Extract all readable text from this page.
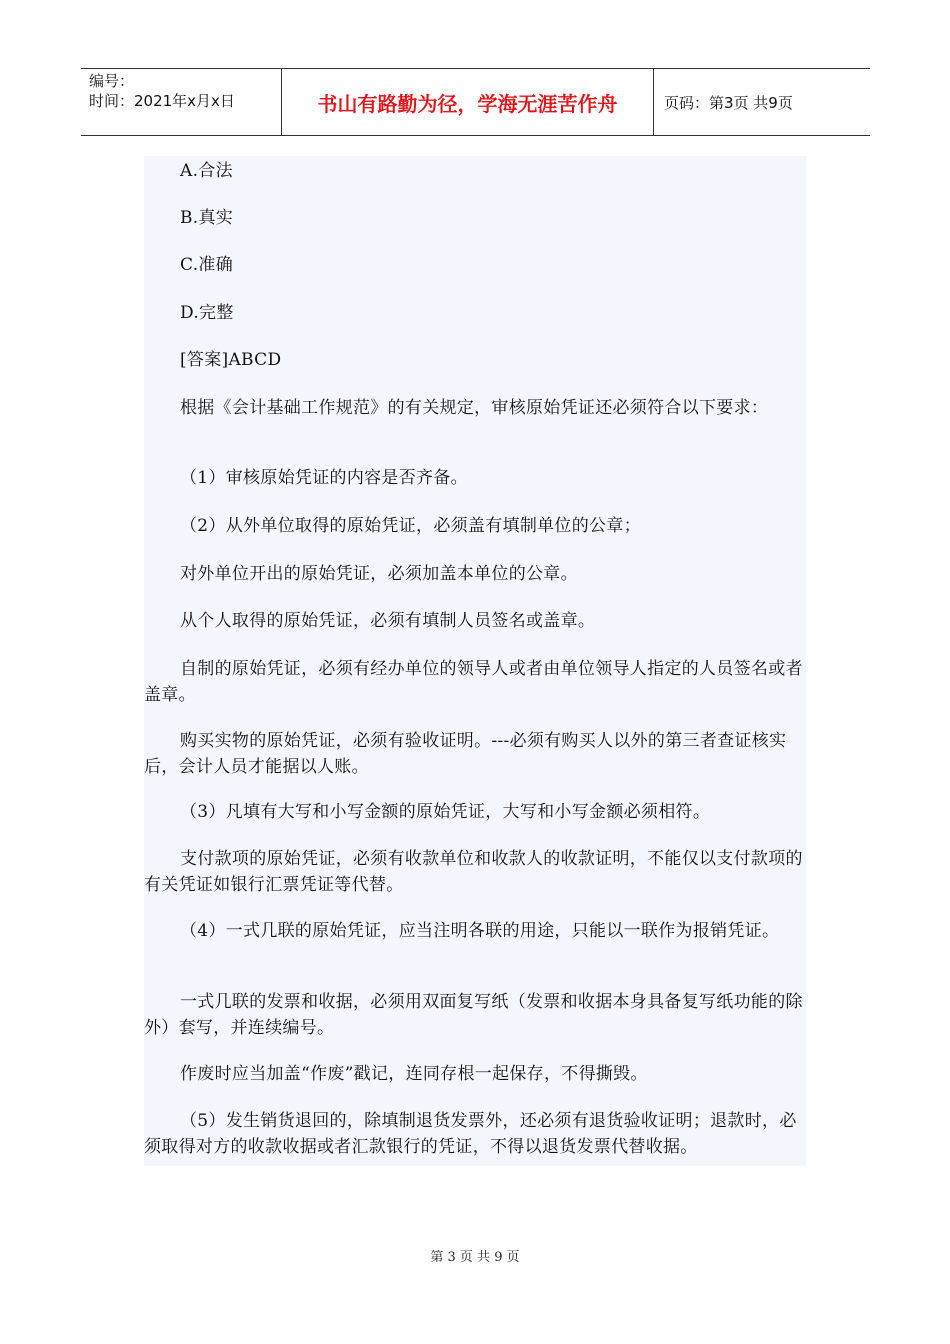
编号：
时间：2021年x月x日	书山有路勤为径，学海无涯苦作舟	页码：第3页 共9页
A.合法
B.真实
C.准确
D.完整
[答案]ABCD
根据《会计基础工作规范》的有关规定，审核原始凭证还必须符合以下要求：
（1）审核原始凭证的内容是否齐备。
（2）从外单位取得的原始凭证，必须盖有填制单位的公章；
对外单位开出的原始凭证，必须加盖本单位的公章。
从个人取得的原始凭证，必须有填制人员签名或盖章。
自制的原始凭证，必须有经办单位的领导人或者由单位领导人指定的人员签名或者盖章。
购买实物的原始凭证，必须有验收证明。---必须有购买人以外的第三者查证核实后，会计人员才能据以人账。
（3）凡填有大写和小写金额的原始凭证，大写和小写金额必须相符。
支付款项的原始凭证，必须有收款单位和收款人的收款证明，不能仅以支付款项的有关凭证如银行汇票凭证等代替。
（4）一式几联的原始凭证，应当注明各联的用途，只能以一联作为报销凭证。
一式几联的发票和收据，必须用双面复写纸（发票和收据本身具备复写纸功能的除外）套写，并连续编号。
作废时应当加盖“作废”戳记，连同存根一起保存，不得撕毁。
（5）发生销货退回的，除填制退货发票外，还必须有退货验收证明；退款时，必须取得对方的收款收据或者汇款银行的凭证，不得以退货发票代替收据。
第 3 页 共 9 页
